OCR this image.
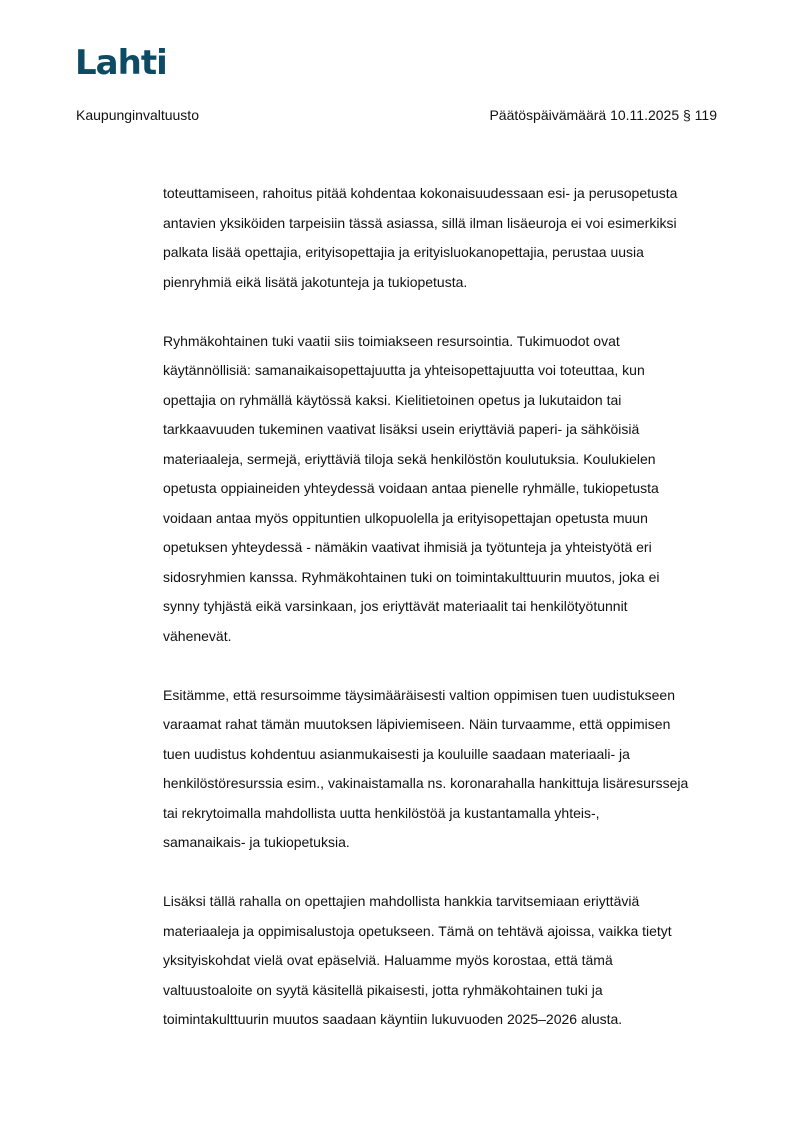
Lahti
Kaupunginvaltuusto	Päätöspäivämäärä 10.11.2025 § 119
toteuttamiseen, rahoitus pitää kohdentaa kokonaisuudessaan esi- ja perusopetusta
antavien yksiköiden tarpeisiin tässä asiassa, sillä ilman lisäeuroja ei voi esimerkiksi
palkata lisää opettajia, erityisopettajia ja erityisluokanopettajia, perustaa uusia
pienryhmiä eikä lisätä jakotunteja ja tukiopetusta.
Ryhmäkohtainen tuki vaatii siis toimiakseen resursointia. Tukimuodot ovat
käytännöllisiä: samanaikaisopettajuutta ja yhteisopettajuutta voi toteuttaa, kun
opettajia on ryhmällä käytössä kaksi. Kielitietoinen opetus ja lukutaidon tai
tarkkaavuuden tukeminen vaativat lisäksi usein eriyttäviä paperi- ja sähköisiä
materiaaleja, sermejä, eriyttäviä tiloja sekä henkilöstön koulutuksia. Koulukielen
opetusta oppiaineiden yhteydessä voidaan antaa pienelle ryhmälle, tukiopetusta
voidaan antaa myös oppituntien ulkopuolella ja erityisopettajan opetusta muun
opetuksen yhteydessä - nämäkin vaativat ihmisiä ja työtunteja ja yhteistyötä eri
sidosryhmien kanssa. Ryhmäkohtainen tuki on toimintakulttuurin muutos, joka ei
synny tyhjästä eikä varsinkaan, jos eriyttävät materiaalit tai henkilötyötunnit
vähenevät.
Esitämme, että resursoimme täysimääräisesti valtion oppimisen tuen uudistukseen
varaamat rahat tämän muutoksen läpiviemiseen. Näin turvaamme, että oppimisen
tuen uudistus kohdentuu asianmukaisesti ja kouluille saadaan materiaali- ja
henkilöstöresurssia esim., vakinaistamalla ns. koronarahalla hankittuja lisäresursseja
tai rekrytoimalla mahdollista uutta henkilöstöä ja kustantamalla yhteis-,
samanaikais- ja tukiopetuksia.
Lisäksi tällä rahalla on opettajien mahdollista hankkia tarvitsemiaan eriyttäviä
materiaaleja ja oppimisalustoja opetukseen. Tämä on tehtävä ajoissa, vaikka tietyt
yksityiskohdat vielä ovat epäselviä. Haluamme myös korostaa, että tämä
valtuustoaloite on syytä käsitellä pikaisesti, jotta ryhmäkohtainen tuki ja
toimintakulttuurin muutos saadaan käyntiin lukuvuoden 2025–2026 alusta.
